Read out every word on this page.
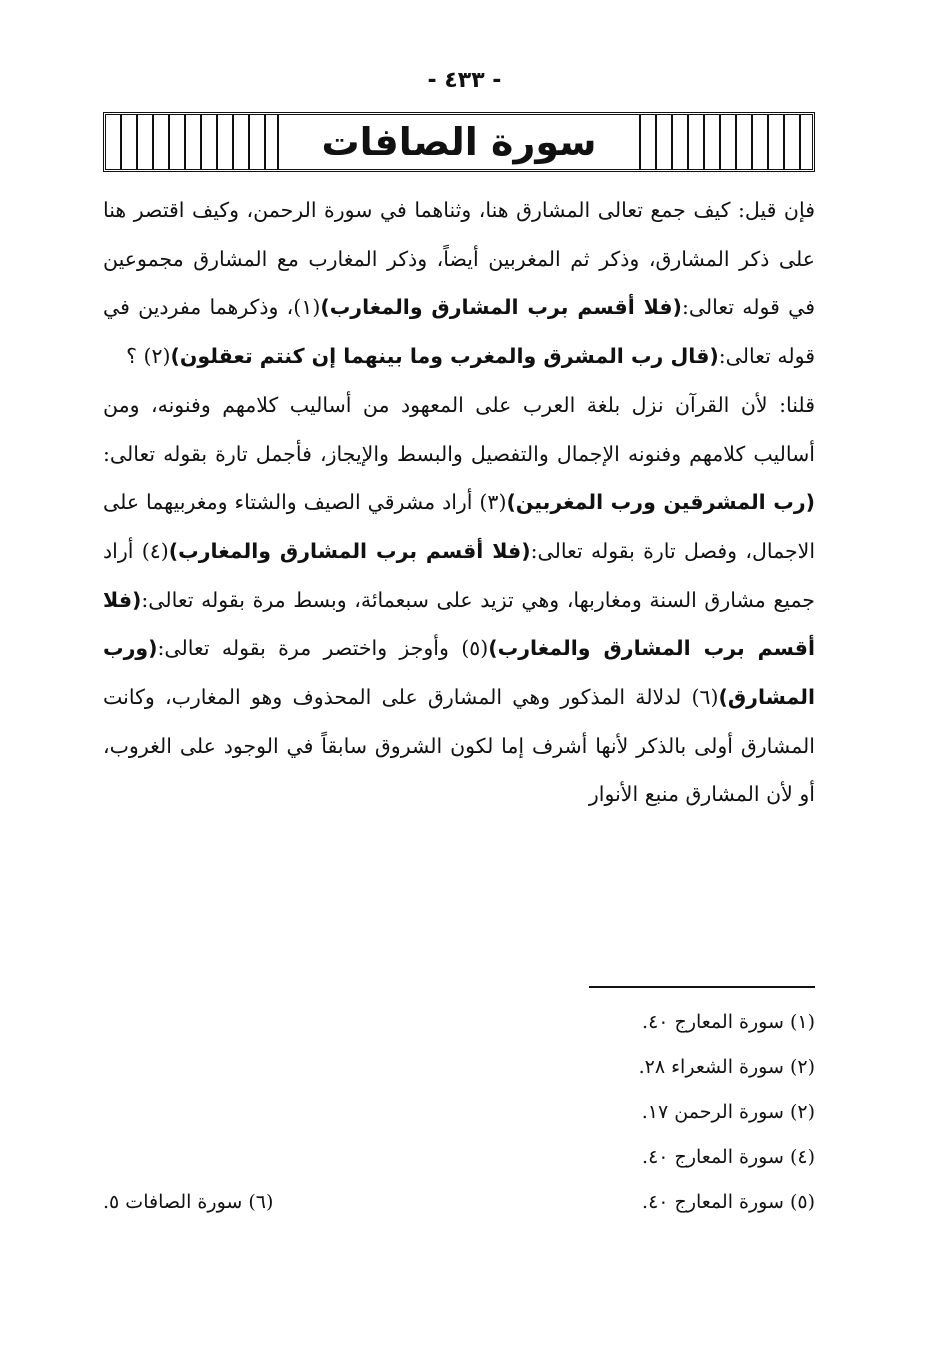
- ٤٣٣ -
سورة الصافات

فإن قيل: كيف جمع تعالى المشارق هنا، وثناهما في سورة الرحمن، وكيف اقتصر هنا على ذكر المشارق، وذكر ثم المغربين أيضاً، وذكر المغارب مع المشارق مجموعين في قوله تعالى:(فلا أقسم برب المشارق والمغارب)(١)، وذكرهما مفردين في قوله تعالى:(قال رب المشرق والمغرب وما بينهما إن كنتم تعقلون)(٢) ؟

قلنا: لأن القرآن نزل بلغة العرب على المعهود من أساليب كلامهم وفنونه، ومن أساليب كلامهم وفنونه الإجمال والتفصيل والبسط والإيجاز، فأجمل تارة بقوله تعالى:(رب المشرقين ورب المغربين)(٣) أراد مشرقي الصيف والشتاء ومغربيهما على الاجمال، وفصل تارة بقوله تعالى:(فلا أقسم برب المشارق والمغارب)(٤) أراد جميع مشارق السنة ومغاربها، وهي تزيد على سبعمائة، وبسط مرة بقوله تعالى:(فلا أقسم برب المشارق والمغارب)(٥) وأوجز واختصر مرة بقوله تعالى:(ورب المشارق)(٦) لدلالة المذكور وهي المشارق على المحذوف وهو المغارب، وكانت المشارق أولى بالذكر لأنها أشرف إما لكون الشروق سابقاً في الوجود على الغروب، أو لأن المشارق منبع الأنوار

(١) سورة المعارج ٤٠.
(٢) سورة الشعراء ٢٨.
(٢) سورة الرحمن ١٧.
(٤) سورة المعارج ٤٠.
(٥) سورة المعارج ٤٠.
(٦) سورة الصافات ٥.
